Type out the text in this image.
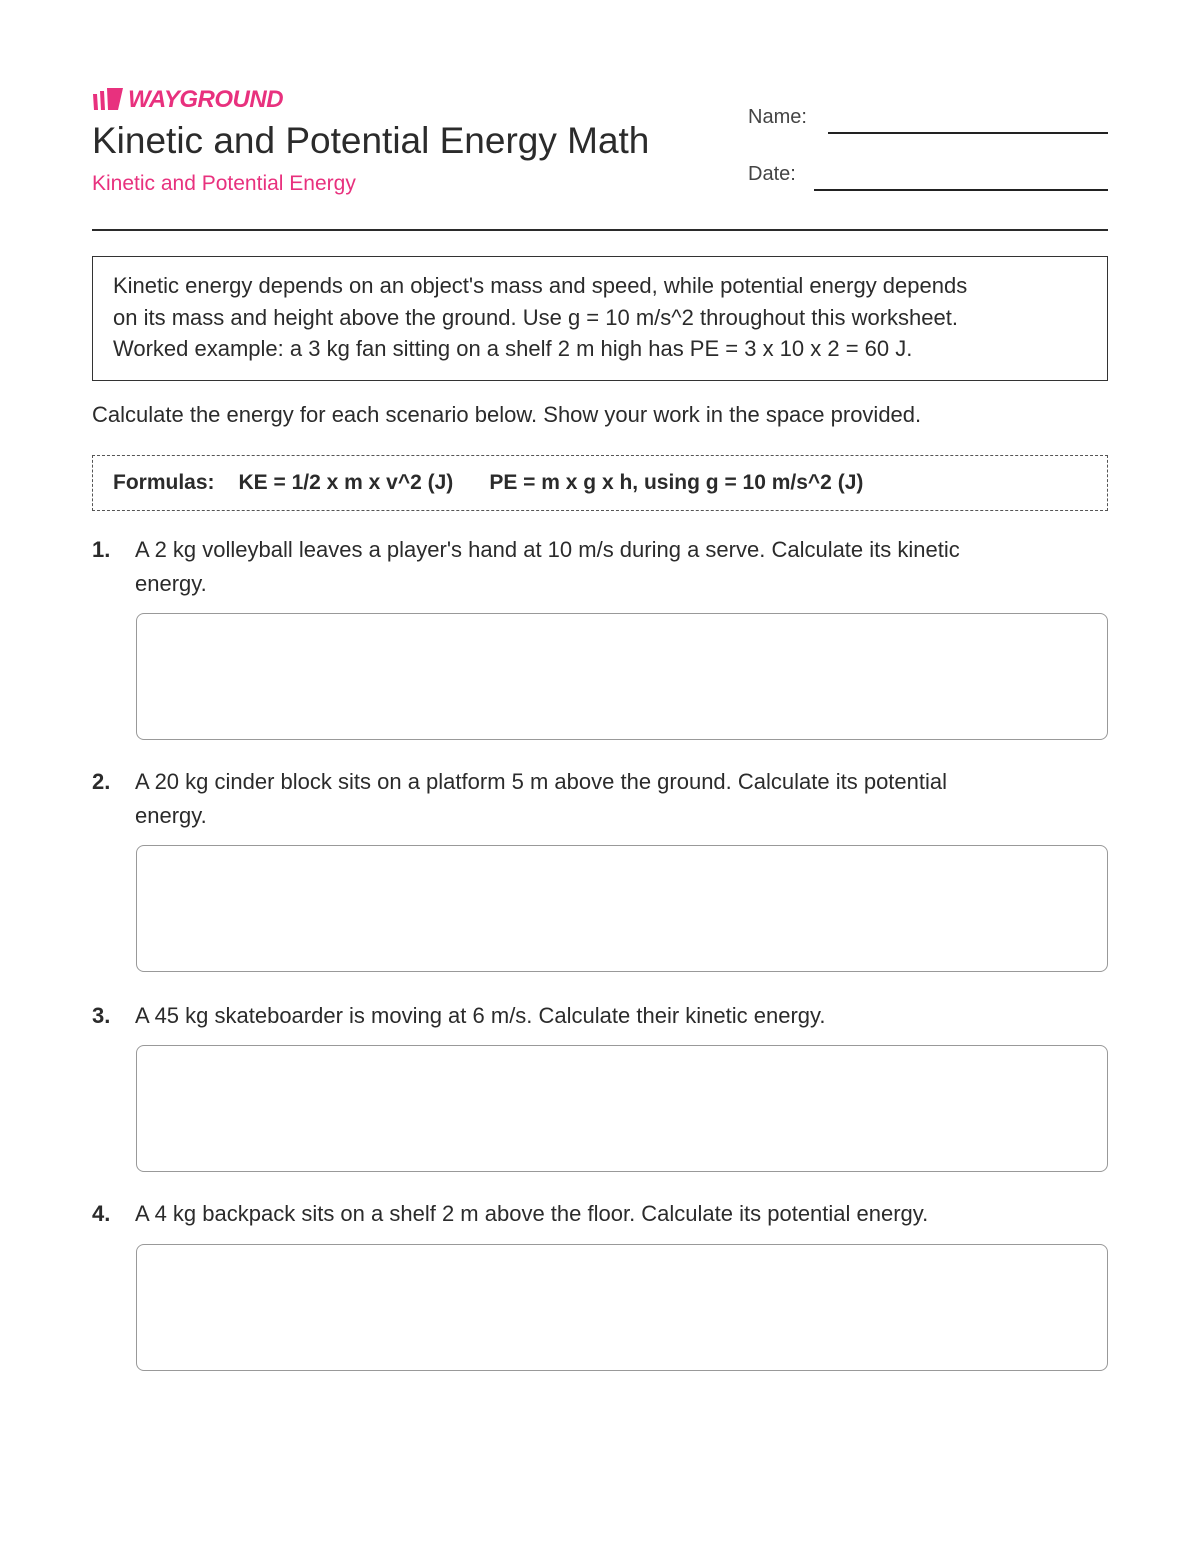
WAYGROUND
Kinetic and Potential Energy Math
Kinetic and Potential Energy
Name:
Date:
Kinetic energy depends on an object's mass and speed, while potential energy depends
on its mass and height above the ground. Use g = 10 m/s^2 throughout this worksheet.
Worked example: a 3 kg fan sitting on a shelf 2 m high has PE = 3 x 10 x 2 = 60 J.
Calculate the energy for each scenario below. Show your work in the space provided.
Formulas: KE = 1/2 x m x v^2 (J) PE = m x g x h, using g = 10 m/s^2 (J)
1. A 2 kg volleyball leaves a player's hand at 10 m/s during a serve. Calculate its kinetic
energy.
2. A 20 kg cinder block sits on a platform 5 m above the ground. Calculate its potential
energy.
3. A 45 kg skateboarder is moving at 6 m/s. Calculate their kinetic energy.
4. A 4 kg backpack sits on a shelf 2 m above the floor. Calculate its potential energy.
